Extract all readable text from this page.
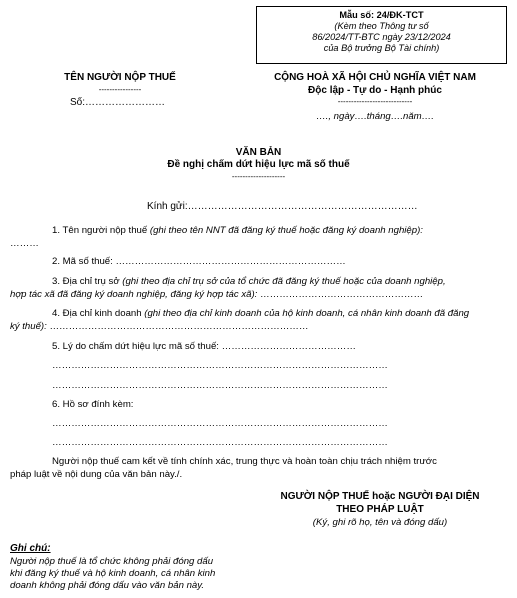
Mẫu số: 24/ĐK-TCT
(Kèm theo Thông tư số
86/2024/TT-BTC ngày 23/12/2024
của Bộ trưởng Bộ Tài chính)
TÊN NGƯỜI NỘP THUẾ
----------------
Số:……………………
CỘNG HOÀ XÃ HỘI CHỦ NGHĨA VIỆT NAM
Độc lập - Tự do - Hạnh phúc
----------------------------
…., ngày….tháng….năm….
VĂN BẢN
Đề nghị chấm dứt hiệu lực mã số thuế
--------------------
Kính gửi:……………………………………………………………
1. Tên người nộp thuế (ghi theo tên NNT đã đăng ký thuế hoặc đăng ký doanh nghiệp):
………
2. Mã số thuế: ………………………………………………………………
3. Địa chỉ trụ sở (ghi theo địa chỉ trụ sở của tổ chức đã đăng ký thuế hoặc của doanh nghiệp,
hợp tác xã đã đăng ký doanh nghiệp, đăng ký hợp tác xã): ……………………………………………
4. Địa chỉ kinh doanh (ghi theo địa chỉ kinh doanh của hộ kinh doanh, cá nhân kinh doanh đã đăng
ký thuế): ………………………………………………………………………
5. Lý do chấm dứt hiệu lực mã số thuế: ……………………………………
……………………………………………………………………………………………
……………………………………………………………………………………………
6. Hồ sơ đính kèm:
……………………………………………………………………………………………
……………………………………………………………………………………………
Người nộp thuế cam kết về tính chính xác, trung thực và hoàn toàn chịu trách nhiệm trước
pháp luật về nội dung của văn bản này./.
NGƯỜI NỘP THUẾ hoặc NGƯỜI ĐẠI DIỆN
THEO PHÁP LUẬT
(Ký, ghi rõ họ, tên và đóng dấu)
Ghi chú:
Người nộp thuế là tổ chức không phải đóng dấu
khi đăng ký thuế và hộ kinh doanh, cá nhân kinh
doanh không phải đóng dấu vào văn bản này.
